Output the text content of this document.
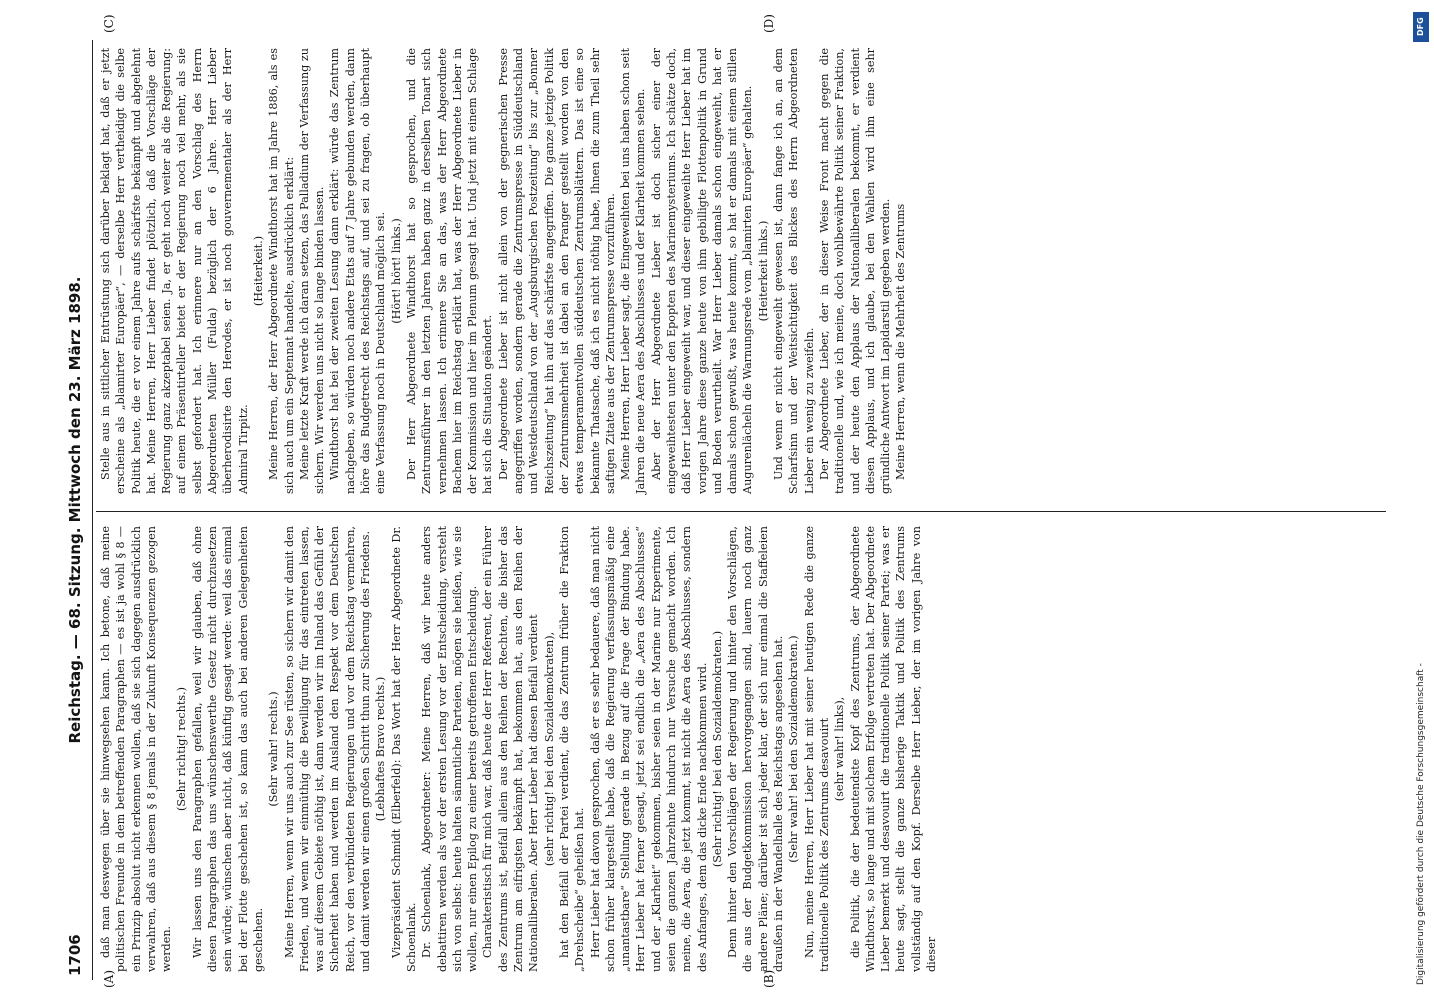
1706
Reichstag. — 68. Sitzung. Mittwoch den 23. März 1898.
(A)	(B)
(C)	(D)

daß man deswegen über sie hinwegsehen kann. Ich betone, daß meine politischen Freunde in dem betreffenden Paragraphen — es ist ja wohl § 8 — ein Prinzip absolut nicht erkennen wollen, daß sie sich dagegen ausdrücklich verwahren, daß aus diesem § 8 jemals in der Zukunft Konsequenzen gezogen werden.

(Sehr richtig! rechts.) Wir lassen uns den Paragraphen gefallen, weil wir glauben, daß ohne diesen Paragraphen das uns wünschenswerthe Gesetz nicht durchzusetzen sein würde; wünschen aber nicht, daß künftig gesagt werde: weil das einmal bei der Flotte geschehen ist, so kann das auch bei anderen Gelegenheiten geschehen.

(Sehr wahr! rechts.) Meine Herren, wenn wir uns auch zur See rüsten, so sichern wir damit den Frieden, und wenn wir einmüthig die Bewilligung für das eintreten lassen, was auf diesem Gebiete nöthig ist, dann werden wir im Inland das Gefühl der Sicherheit haben und werden im Ausland den Respekt vor dem Deutschen Reich, vor den verbündeten Regierungen und vor dem Reichstag vermehren, und damit werden wir einen großen Schritt thun zur Sicherung des Friedens. (Lebhaftes Bravo rechts.) Vizepräsident Schmidt (Elberfeld): Das Wort hat der Herr Abgeordnete Dr. Schoenlank. Dr. Schoenlank, Abgeordneter: Meine Herren, daß wir heute anders debattiren werden als vor der ersten Lesung vor der Entscheidung, versteht sich von selbst: heute halten sämmtliche Parteien, mögen sie heißen, wie sie wollen, nur einen Epilog zu einer bereits getroffenen Entscheidung. Charakteristisch für mich war, daß heute der Herr Referent, der ein Führer des Zentrums ist, Beifall allein aus den Reihen der Rechten, die bisher das Zentrum am eifrigsten bekämpft hat, bekommen hat, aus den Reihen der Nationalliberalen. Aber Herr Lieber hat diesen Beifall verdient (sehr richtig! bei den Sozialdemokraten), hat den Beifall der Partei verdient, die das Zentrum früher die Fraktion „Drehscheibe“ geheißen hat. Herr Lieber hat davon gesprochen, daß er es sehr bedauere, daß man nicht schon früher klargestellt habe, daß die Regierung verfassungsmäßig eine „unantastbare“ Stellung gerade in Bezug auf die Frage der Bindung habe. Herr Lieber hat ferner gesagt, jetzt sei endlich die „Aera des Abschlusses“ und der „Klarheit“ gekommen, bisher seien in der Marine nur Experimente, seien die ganzen Jahrzehnte hindurch nur Versuche gemacht worden. Ich meine, die Aera, die jetzt kommt, ist nicht die Aera des Abschlusses, sondern des Anfanges, dem das dicke Ende nachkommen wird. (Sehr richtig! bei den Sozialdemokraten.) Denn hinter den Vorschlägen der Regierung und hinter den Vorschlägen, die aus der Budgetkommission hervorgegangen sind, lauern noch ganz andere Pläne; darüber ist sich jeder klar, der sich nur einmal die Staffeleien draußen in der Wandelhalle des Reichstags angesehen hat. (Sehr wahr! bei den Sozialdemokraten.) Nun, meine Herren, Herr Lieber hat mit seiner heutigen Rede die ganze traditionelle Politik des Zentrums desavouirt (sehr wahr! links), die Politik, die der bedeutendste Kopf des Zentrums, der Abgeordnete Windthorst, so lange und mit solchem Erfolge vertreten hat. Der Abgeordnete Lieber bemerkt und desavouirt die traditionelle Politik seiner Partei; was er heute sagt, stellt die ganze bisherige Taktik und Politik des Zentrums vollständig auf den Kopf. Derselbe Herr Lieber, der im vorigen Jahre von dieser

Stelle aus in sittlicher Entrüstung sich darüber beklagt hat, daß er jetzt erscheine als „blamirter Europäer“, — derselbe Herr vertheidigt die selbe Politik heute, die er vor einem Jahre aufs schärfste bekämpft und abgelehnt hat. Meine Herren, Herr Lieber findet plötzlich, daß die Vorschläge der Regierung ganz akzeptabel seien. Ja, er geht noch weiter als die Regierung: auf einem Präsentirteller bietet er der Regierung noch viel mehr, als sie selbst gefordert hat. Ich erinnere nur an den Vorschlag des Herrn Abgeordneten Müller (Fulda) bezüglich der 6 Jahre. Herr Lieber überherodisirte den Herodes, er ist noch gouvernementaler als der Herr Admiral Tirpitz.

(Heiterkeit.) Meine Herren, der Herr Abgeordnete Windthorst hat im Jahre 1886, als es sich auch um ein Septennat handelte, ausdrücklich erklärt: Meine letzte Kraft werde ich daran setzen, das Palladium der Verfassung zu sichern. Wir werden uns nicht so lange binden lassen. Windthorst hat bei der zweiten Lesung dann erklärt: würde das Zentrum nachgeben, so würden noch andere Etats auf 7 Jahre gebunden werden, dann höre das Budgetrecht des Reichstags auf, und sei zu fragen, ob überhaupt eine Verfassung noch in Deutschland möglich sei. (Hört! hört! links.) Der Herr Abgeordnete Windthorst hat so gesprochen, und die Zentrumsführer in den letzten Jahren haben ganz in derselben Tonart sich vernehmen lassen. Ich erinnere Sie an das, was der Herr Abgeordnete Bachem hier im Reichstag erklärt hat, was der Herr Abgeordnete Lieber in der Kommission und hier im Plenum gesagt hat. Und jetzt mit einem Schlage hat sich die Situation geändert. Der Abgeordnete Lieber ist nicht allein von der gegnerischen Presse angegriffen worden, sondern gerade die Zentrumspresse in Süddeutschland und Westdeutschland von der „Augsburgischen Postzeitung“ bis zur „Bonner Reichszeitung“ hat ihn auf das schärfste angegriffen. Die ganze jetzige Politik der Zentrumsmehrheit ist dabei an den Pranger gestellt worden von den etwas temperamentvollen süddeutschen Zentrumsblättern. Das ist eine so bekannte Thatsache, daß ich es nicht nöthig habe, Ihnen die zum Theil sehr saftigen Zitate aus der Zentrumspresse vorzuführen. Meine Herren, Herr Lieber sagt, die Eingeweihten bei uns haben schon seit Jahren die neue Aera des Abschlusses und der Klarheit kommen sehen. Aber der Herr Abgeordnete Lieber ist doch sicher einer der eingeweihtesten unter den Epopten des Marinemysteriums. Ich schätze doch, daß Herr Lieber eingeweiht war, und dieser eingeweihte Herr Lieber hat im vorigen Jahre diese ganze heute von ihm gebilligte Flottenpolitik in Grund und Boden verurtheilt. War Herr Lieber damals schon eingeweiht, hat er damals schon gewußt, was heute kommt, so hat er damals mit einem stillen Augurenlächeln die Warnungsrede vom „blamirten Europäer“ gehalten. (Heiterkeit links.) Und wenn er nicht eingeweiht gewesen ist, dann fange ich an, an dem Scharfsinn und der Weitsichtigkeit des Blickes des Herrn Abgeordneten Lieber ein wenig zu zweifeln. Der Abgeordnete Lieber, der in dieser Weise Front macht gegen die traditionelle und, wie ich meine, doch wohlbewährte Politik seiner Fraktion, und der heute den Applaus der Nationalliberalen bekommt, er verdient diesen Applaus, und ich glaube, bei den Wahlen wird ihm eine sehr gründliche Antwort im Lapidarstil gegeben werden. Meine Herren, wenn die Mehrheit des Zentrums

DFG
Digitalisierung gefördert durch die Deutsche Forschungsgemeinschaft -
